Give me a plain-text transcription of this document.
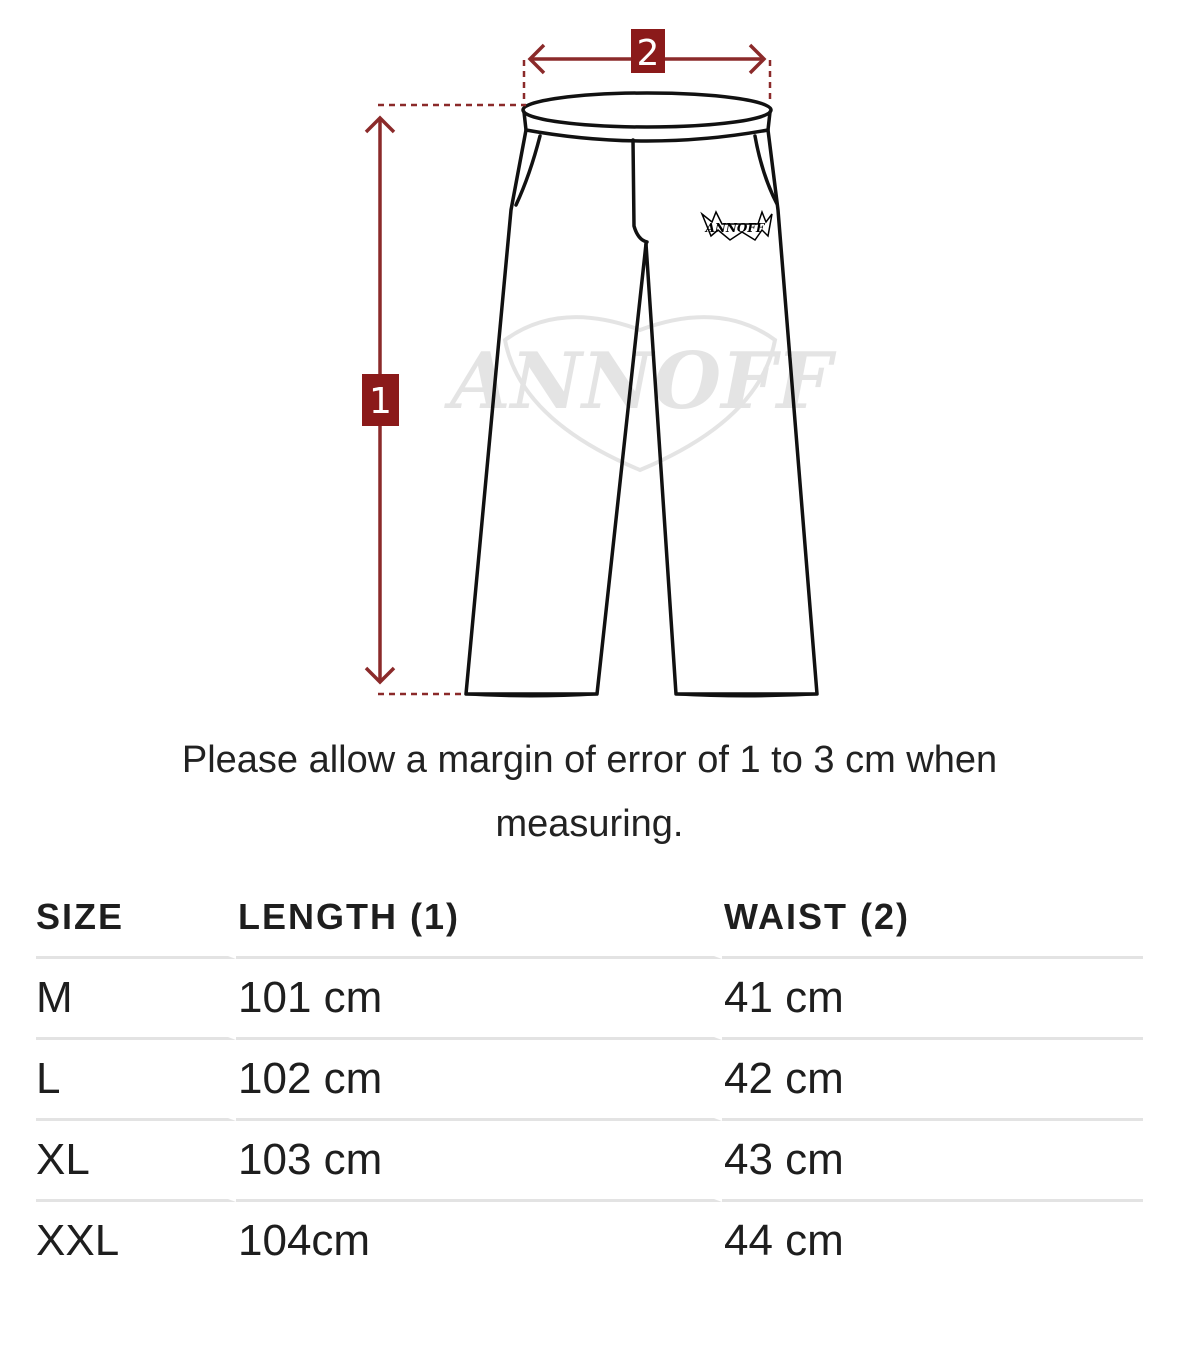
ANNOFF
ANNOFF
1
2
Please allow a margin of error of 1 to 3 cm when measuring.
SIZE	LENGTH (1)	WAIST (2)

M	101 cm	41 cm
L	102 cm	42 cm
XL	103 cm	43 cm
XXL	104cm	44 cm
